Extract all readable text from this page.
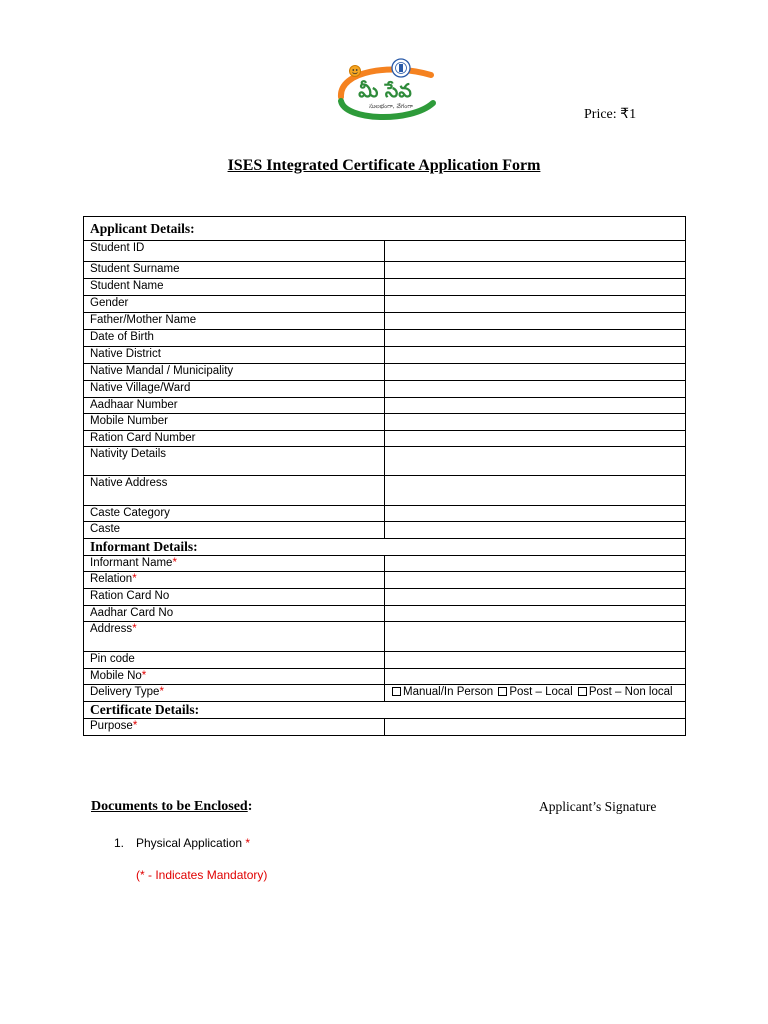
మీ సేవ
సులభంగా, వేగంగా
Price: ₹1
ISES Integrated Certificate Application Form
Applicant Details:	
Student ID	
Student Surname	
Student Name	
Gender	
Father/Mother Name	
Date of Birth	
Native District	
Native Mandal / Municipality	
Native Village/Ward	
Aadhaar Number	
Mobile Number	
Ration Card Number	
Nativity Details	
Native Address	
Caste Category	
Caste	
Informant Details:	
Informant Name*	
Relation*	
Ration Card No	
Aadhar Card No	
Address*	
Pin code	
Mobile No*	
Delivery Type*	Manual/In Person Post – Local Post – Non local
Certificate Details:	
Purpose*	
Documents to be Enclosed:	Applicant’s Signature
1. Physical Application *
(* - Indicates Mandatory)
